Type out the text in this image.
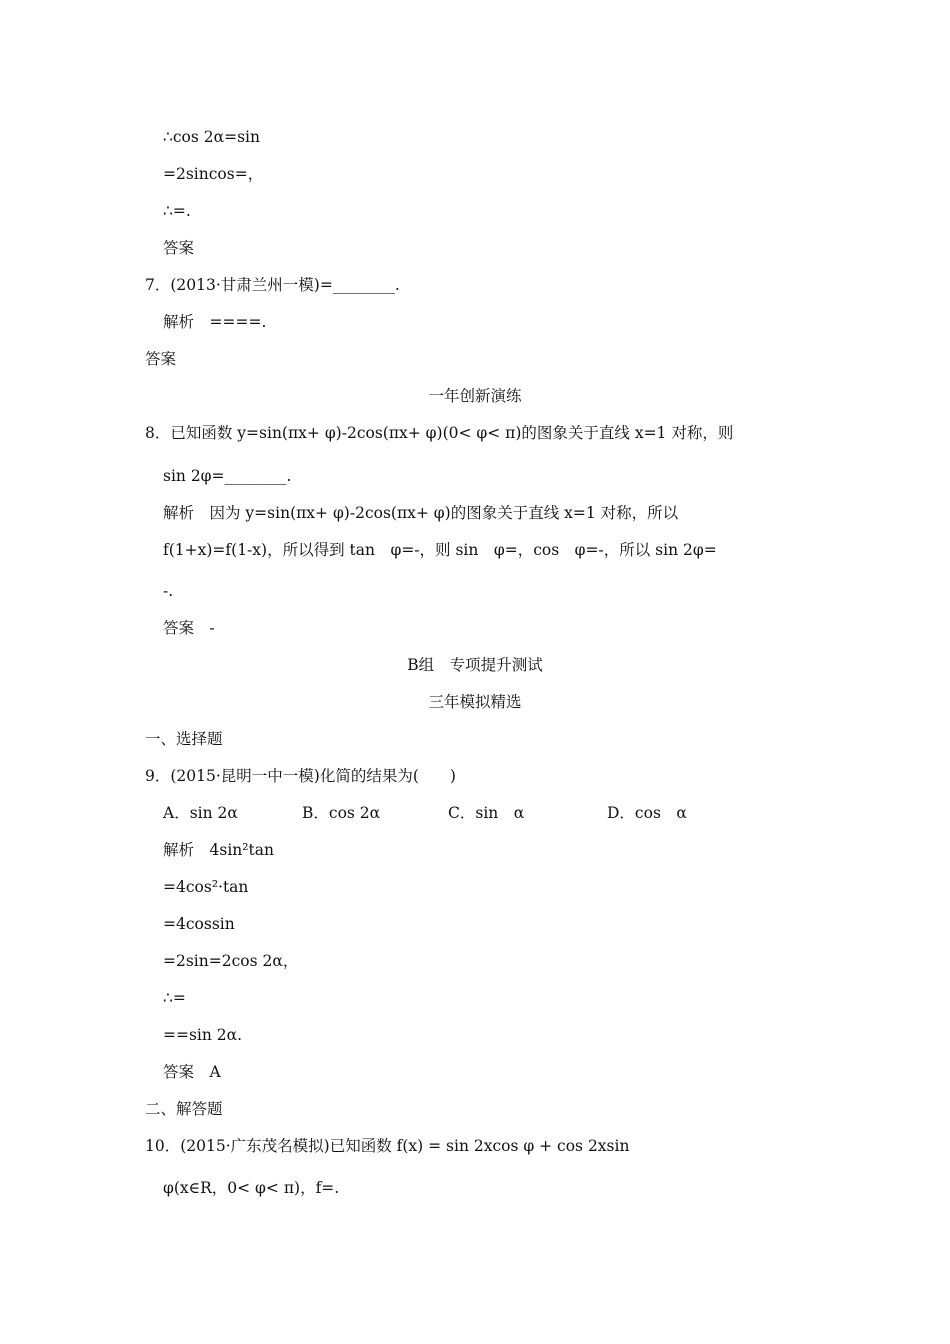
∴cos 2α=sin
=2sincos=，
∴=.
答案
7．(2013·甘肃兰州一模)=________.
解析　====.
答案
一年创新演练
8．已知函数 y=sin(πx+ φ)-2cos(πx+ φ)(0< φ< π)的图象关于直线 x=1 对称，则
sin 2φ=________.
解析　因为 y=sin(πx+ φ)-2cos(πx+ φ)的图象关于直线 x=1 对称，所以
f(1+x)=f(1-x)，所以得到 tan　φ=-，则 sin　φ=，cos　φ=-，所以 sin 2φ=
-.
答案　-
B组　专项提升测试
三年模拟精选
一、选择题
9．(2015·昆明一中一模)化简的结果为(　　)
A．sin 2α	B．cos 2α	C．sin　α	D．cos　α
解析　4sin²tan
=4cos²·tan
=4cossin
=2sin=2cos 2α，
∴=
==sin 2α.
答案　A
二、解答题
10．(2015·广东茂名模拟)已知函数 f(x) = sin 2xcos φ + cos 2xsin
φ(x∈R，0< φ< π)，f=.
